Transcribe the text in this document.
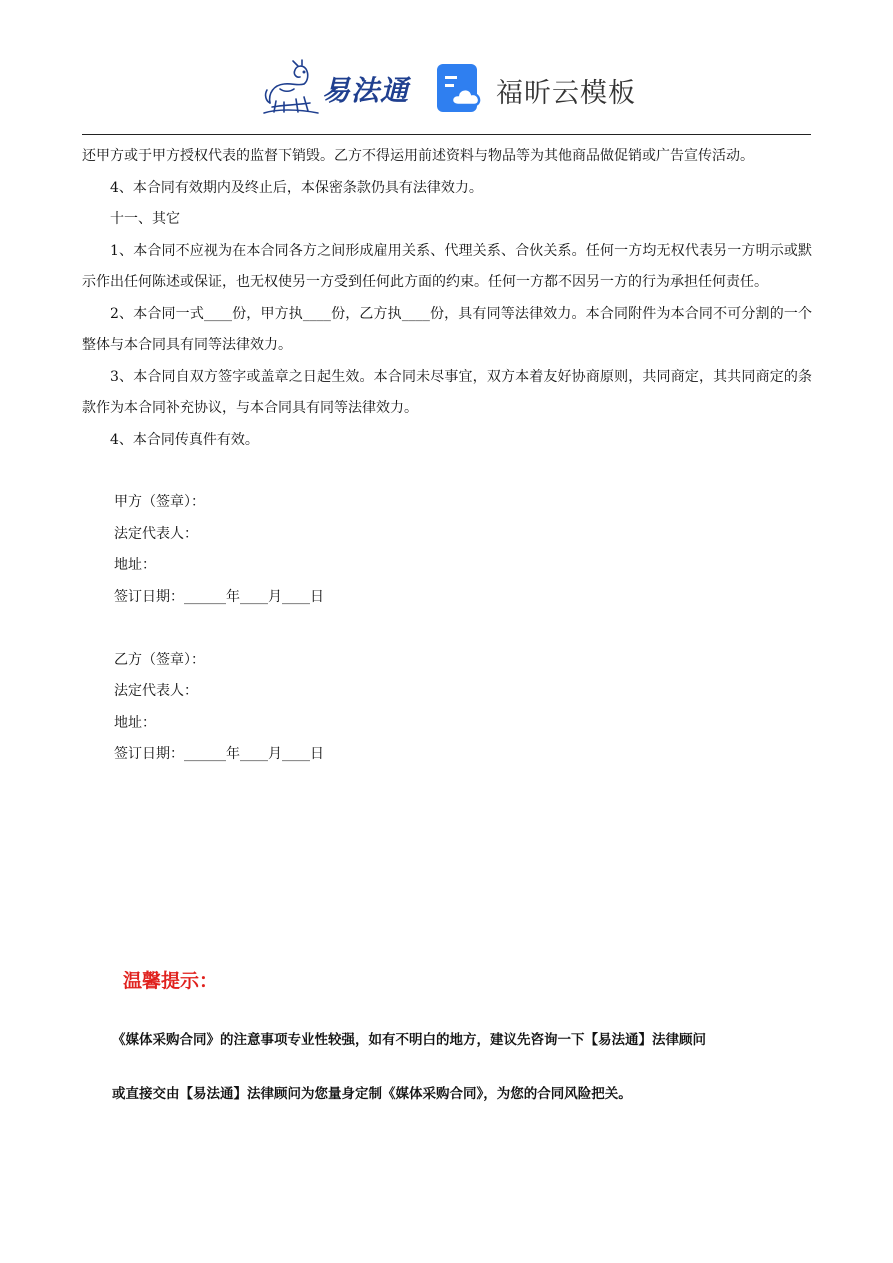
易法通	福昕云模板

还甲方或于甲方授权代表的监督下销毁。乙方不得运用前述资料与物品等为其他商品做促销或广告宣传活动。

4、本合同有效期内及终止后，本保密条款仍具有法律效力。

十一、其它

1、本合同不应视为在本合同各方之间形成雇用关系、代理关系、合伙关系。任何一方均无权代表另一方明示或默示作出任何陈述或保证，也无权使另一方受到任何此方面的约束。任何一方都不因另一方的行为承担任何责任。

2、本合同一式____份，甲方执____份，乙方执____份，具有同等法律效力。本合同附件为本合同不可分割的一个整体与本合同具有同等法律效力。

3、本合同自双方签字或盖章之日起生效。本合同未尽事宜，双方本着友好协商原则，共同商定，其共同商定的条款作为本合同补充协议，与本合同具有同等法律效力。

4、本合同传真件有效。

甲方（签章）：

法定代表人：

地址：

签订日期：______年____月____日

乙方（签章）：

法定代表人：

地址：

签订日期：______年____月____日

温馨提示：
《媒体采购合同》的注意事项专业性较强，如有不明白的地方，建议先咨询一下【易法通】法律顾问
或直接交由【易法通】法律顾问为您量身定制《媒体采购合同》，为您的合同风险把关。
